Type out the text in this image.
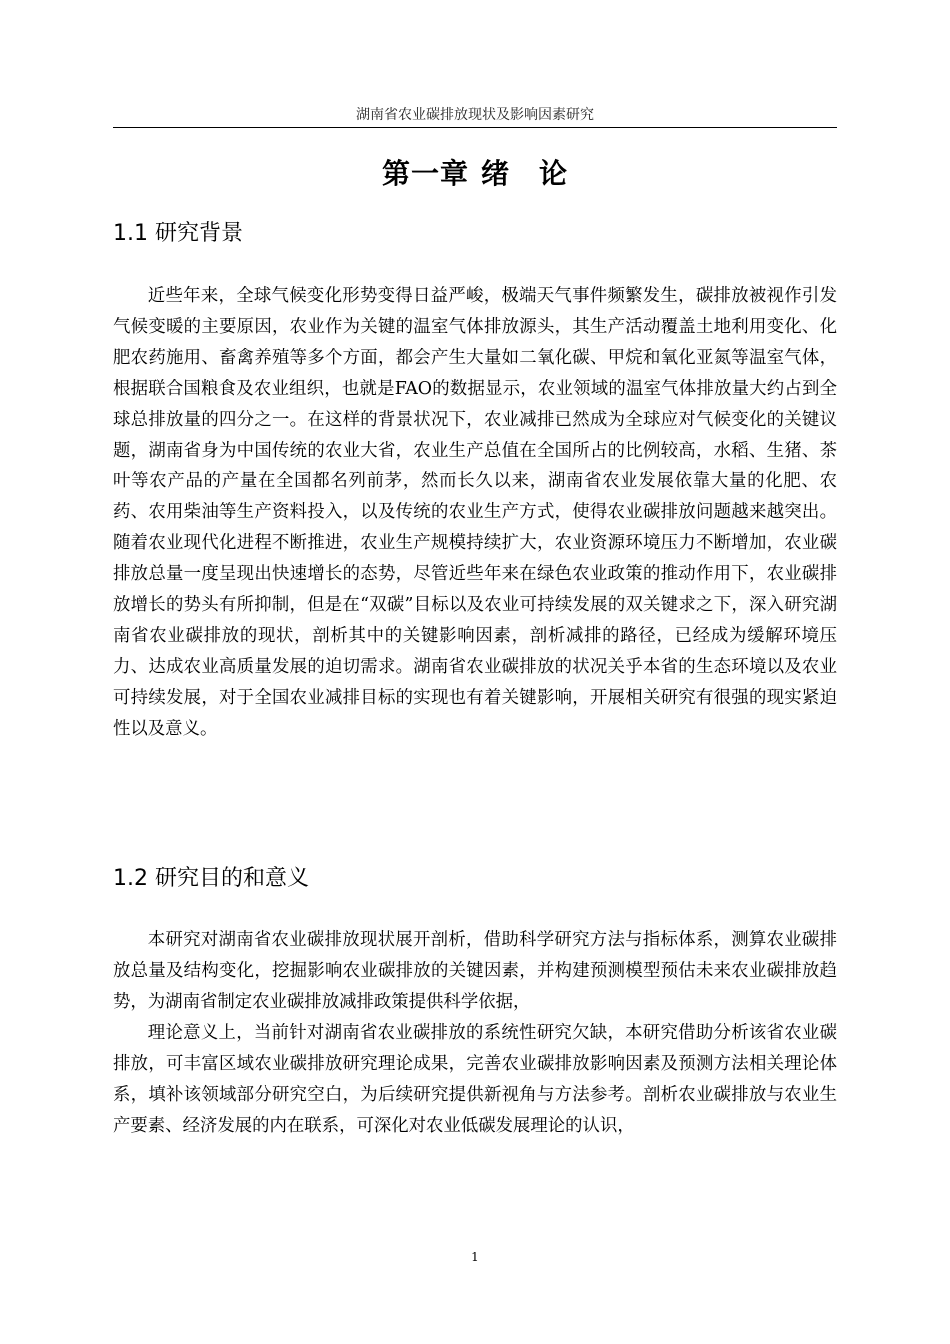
湖南省农业碳排放现状及影响因素研究
第一章 绪　论
1.1 研究背景

近些年来，全球气候变化形势变得日益严峻，极端天气事件频繁发生，碳排放被视作引发气候变暖的主要原因，农业作为关键的温室气体排放源头，其生产活动覆盖土地利用变化、化肥农药施用、畜禽养殖等多个方面，都会产生大量如二氧化碳、甲烷和氧化亚氮等温室气体，根据联合国粮食及农业组织，也就是FAO的数据显示，农业领域的温室气体排放量大约占到全球总排放量的四分之一。在这样的背景状况下，农业减排已然成为全球应对气候变化的关键议题，湖南省身为中国传统的农业大省，农业生产总值在全国所占的比例较高，水稻、生猪、茶叶等农产品的产量在全国都名列前茅，然而长久以来，湖南省农业发展依靠大量的化肥、农药、农用柴油等生产资料投入，以及传统的农业生产方式，使得农业碳排放问题越来越突出。随着农业现代化进程不断推进，农业生产规模持续扩大，农业资源环境压力不断增加，农业碳排放总量一度呈现出快速增长的态势，尽管近些年来在绿色农业政策的推动作用下，农业碳排放增长的势头有所抑制，但是在“双碳”目标以及农业可持续发展的双关键求之下，深入研究湖南省农业碳排放的现状，剖析其中的关键影响因素，剖析减排的路径，已经成为缓解环境压力、达成农业高质量发展的迫切需求。湖南省农业碳排放的状况关乎本省的生态环境以及农业可持续发展，对于全国农业减排目标的实现也有着关键影响，开展相关研究有很强的现实紧迫性以及意义。

1.2 研究目的和意义

本研究对湖南省农业碳排放现状展开剖析，借助科学研究方法与指标体系，测算农业碳排放总量及结构变化，挖掘影响农业碳排放的关键因素，并构建预测模型预估未来农业碳排放趋势，为湖南省制定农业碳排放减排政策提供科学依据，

理论意义上，当前针对湖南省农业碳排放的系统性研究欠缺，本研究借助分析该省农业碳排放，可丰富区域农业碳排放研究理论成果，完善农业碳排放影响因素及预测方法相关理论体系，填补该领域部分研究空白，为后续研究提供新视角与方法参考。剖析农业碳排放与农业生产要素、经济发展的内在联系，可深化对农业低碳发展理论的认识，

1
